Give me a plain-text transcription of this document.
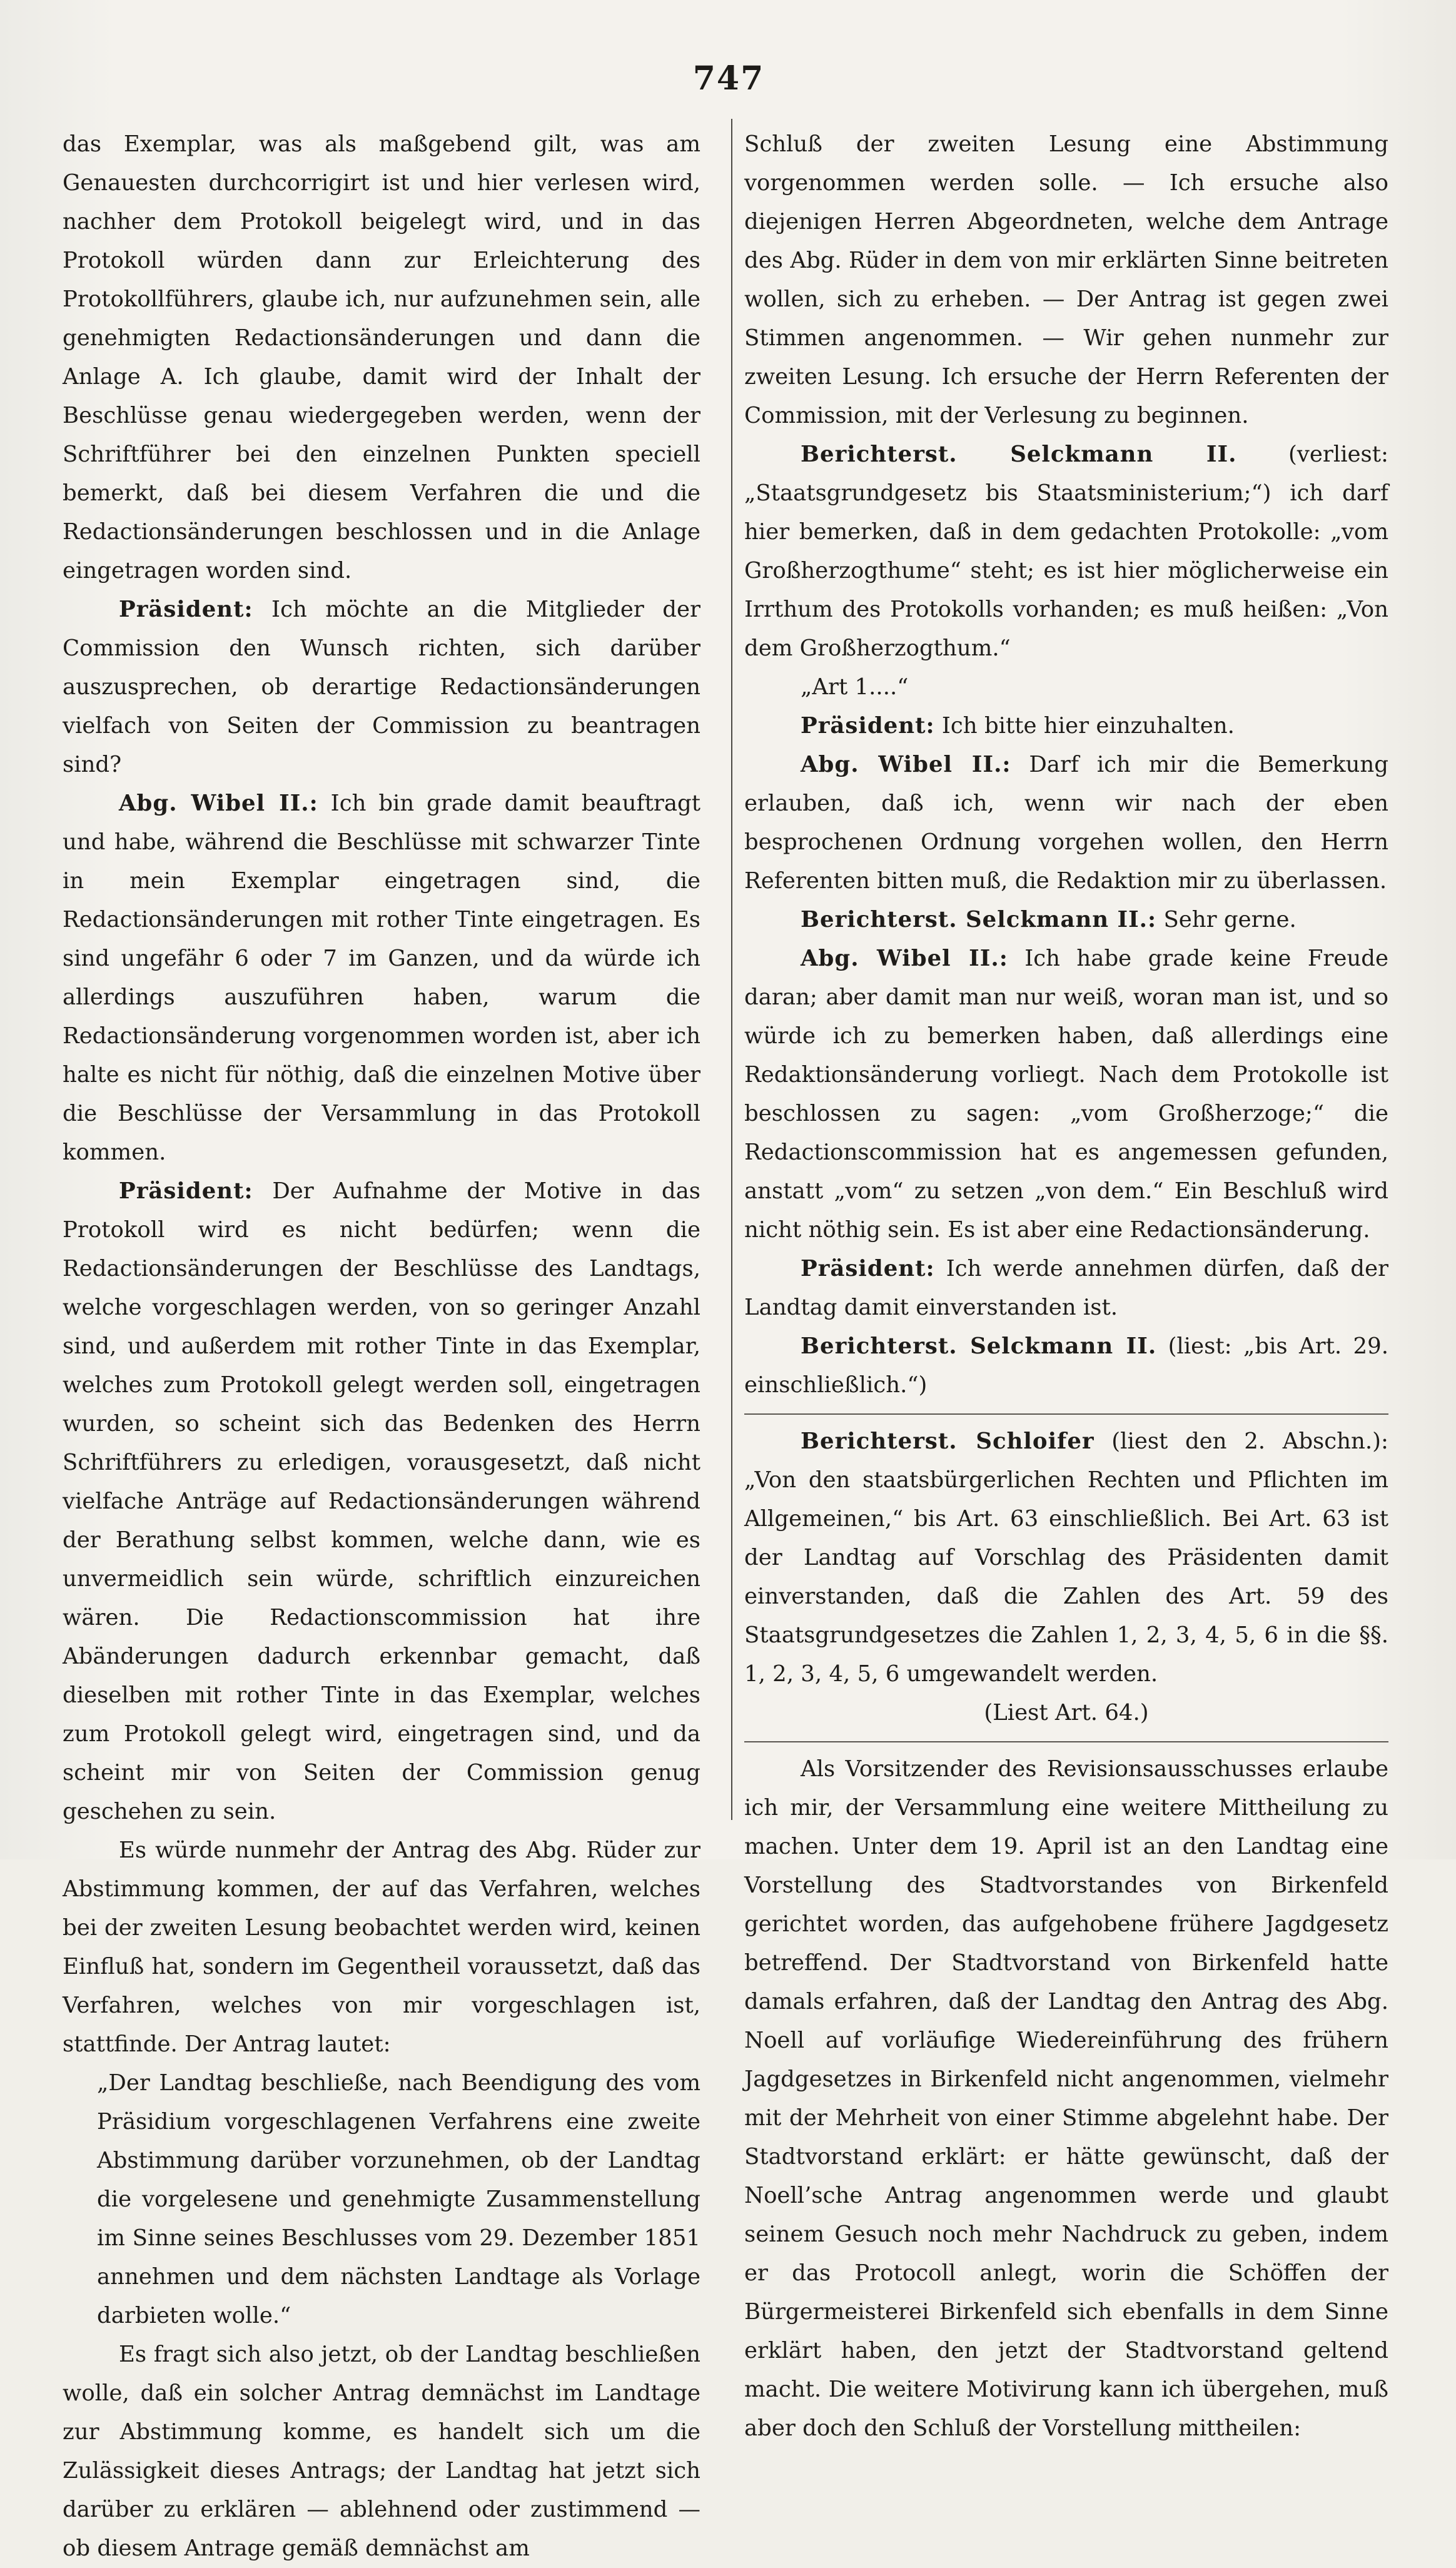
747

das Exemplar, was als maßgebend gilt, was am Genauesten durchcorrigirt ist und hier verlesen wird, nachher dem Protokoll beigelegt wird, und in das Protokoll würden dann zur Erleichterung des Protokollführers, glaube ich, nur aufzunehmen sein, alle genehmigten Redactionsänderungen und dann die Anlage A. Ich glaube, damit wird der Inhalt der Beschlüsse genau wiedergegeben werden, wenn der Schriftführer bei den einzelnen Punkten speciell bemerkt, daß bei diesem Verfahren die und die Redactionsänderungen beschlossen und in die Anlage eingetragen worden sind.

Präsident: Ich möchte an die Mitglieder der Commission den Wunsch richten, sich darüber auszusprechen, ob derartige Redactionsänderungen vielfach von Seiten der Commission zu beantragen sind?

Abg. Wibel II.: Ich bin grade damit beauftragt und habe, während die Beschlüsse mit schwarzer Tinte in mein Exemplar eingetragen sind, die Redactionsänderungen mit rother Tinte eingetragen. Es sind ungefähr 6 oder 7 im Ganzen, und da würde ich allerdings auszuführen haben, warum die Redactionsänderung vorgenommen worden ist, aber ich halte es nicht für nöthig, daß die einzelnen Motive über die Beschlüsse der Versammlung in das Protokoll kommen.

Präsident: Der Aufnahme der Motive in das Protokoll wird es nicht bedürfen; wenn die Redactionsänderungen der Beschlüsse des Landtags, welche vorgeschlagen werden, von so geringer Anzahl sind, und außerdem mit rother Tinte in das Exemplar, welches zum Protokoll gelegt werden soll, eingetragen wurden, so scheint sich das Bedenken des Herrn Schriftführers zu erledigen, vorausgesetzt, daß nicht vielfache Anträge auf Redactionsänderungen während der Berathung selbst kommen, welche dann, wie es unvermeidlich sein würde, schriftlich einzureichen wären. Die Redactionscommission hat ihre Abänderungen dadurch erkennbar gemacht, daß dieselben mit rother Tinte in das Exemplar, welches zum Protokoll gelegt wird, eingetragen sind, und da scheint mir von Seiten der Commission genug geschehen zu sein.

Es würde nunmehr der Antrag des Abg. Rüder zur Abstimmung kommen, der auf das Verfahren, welches bei der zweiten Lesung beobachtet werden wird, keinen Einfluß hat, sondern im Gegentheil voraussetzt, daß das Verfahren, welches von mir vorgeschlagen ist, stattfinde. Der Antrag lautet:

„Der Landtag beschließe, nach Beendigung des vom Präsidium vorgeschlagenen Verfahrens eine zweite Abstimmung darüber vorzunehmen, ob der Landtag die vorgelesene und genehmigte Zusammenstellung im Sinne seines Beschlusses vom 29. Dezember 1851 annehmen und dem nächsten Landtage als Vorlage darbieten wolle.“

Es fragt sich also jetzt, ob der Landtag beschließen wolle, daß ein solcher Antrag demnächst im Landtage zur Abstimmung komme, es handelt sich um die Zulässigkeit dieses Antrags; der Landtag hat jetzt sich darüber zu erklären — ablehnend oder zustimmend — ob diesem Antrage gemäß demnächst am

Schluß der zweiten Lesung eine Abstimmung vorgenommen werden solle. — Ich ersuche also diejenigen Herren Abgeordneten, welche dem Antrage des Abg. Rüder in dem von mir erklärten Sinne beitreten wollen, sich zu erheben. — Der Antrag ist gegen zwei Stimmen angenommen. — Wir gehen nunmehr zur zweiten Lesung. Ich ersuche der Herrn Referenten der Commission, mit der Verlesung zu beginnen.

Berichterst. Selckmann II. (verliest: „Staatsgrundgesetz bis Staatsministerium;“) ich darf hier bemerken, daß in dem gedachten Protokolle: „vom Großherzogthume“ steht; es ist hier möglicherweise ein Irrthum des Protokolls vorhanden; es muß heißen: „Von dem Großherzogthum.“

„Art 1....“

Präsident: Ich bitte hier einzuhalten.

Abg. Wibel II.: Darf ich mir die Bemerkung erlauben, daß ich, wenn wir nach der eben besprochenen Ordnung vorgehen wollen, den Herrn Referenten bitten muß, die Redaktion mir zu überlassen.

Berichterst. Selckmann II.: Sehr gerne.

Abg. Wibel II.: Ich habe grade keine Freude daran; aber damit man nur weiß, woran man ist, und so würde ich zu bemerken haben, daß allerdings eine Redaktionsänderung vorliegt. Nach dem Protokolle ist beschlossen zu sagen: „vom Großherzoge;“ die Redactionscommission hat es angemessen gefunden, anstatt „vom“ zu setzen „von dem.“ Ein Beschluß wird nicht nöthig sein. Es ist aber eine Redactionsänderung.

Präsident: Ich werde annehmen dürfen, daß der Landtag damit einverstanden ist.

Berichterst. Selckmann II. (liest: „bis Art. 29. einschließlich.“)

Berichterst. Schloifer (liest den 2. Abschn.): „Von den staatsbürgerlichen Rechten und Pflichten im Allgemeinen,“ bis Art. 63 einschließlich. Bei Art. 63 ist der Landtag auf Vorschlag des Präsidenten damit einverstanden, daß die Zahlen des Art. 59 des Staatsgrundgesetzes die Zahlen 1, 2, 3, 4, 5, 6 in die §§. 1, 2, 3, 4, 5, 6 umgewandelt werden.

(Liest Art. 64.)

Als Vorsitzender des Revisionsausschusses erlaube ich mir, der Versammlung eine weitere Mittheilung zu machen. Unter dem 19. April ist an den Landtag eine Vorstellung des Stadtvorstandes von Birkenfeld gerichtet worden, das aufgehobene frühere Jagdgesetz betreffend. Der Stadtvorstand von Birkenfeld hatte damals erfahren, daß der Landtag den Antrag des Abg. Noell auf vorläufige Wiedereinführung des frühern Jagdgesetzes in Birkenfeld nicht angenommen, vielmehr mit der Mehrheit von einer Stimme abgelehnt habe. Der Stadtvorstand erklärt: er hätte gewünscht, daß der Noell’sche Antrag angenommen werde und glaubt seinem Gesuch noch mehr Nachdruck zu geben, indem er das Protocoll anlegt, worin die Schöffen der Bürgermeisterei Birkenfeld sich ebenfalls in dem Sinne erklärt haben, den jetzt der Stadtvorstand geltend macht. Die weitere Motivirung kann ich übergehen, muß aber doch den Schluß der Vorstellung mittheilen:
